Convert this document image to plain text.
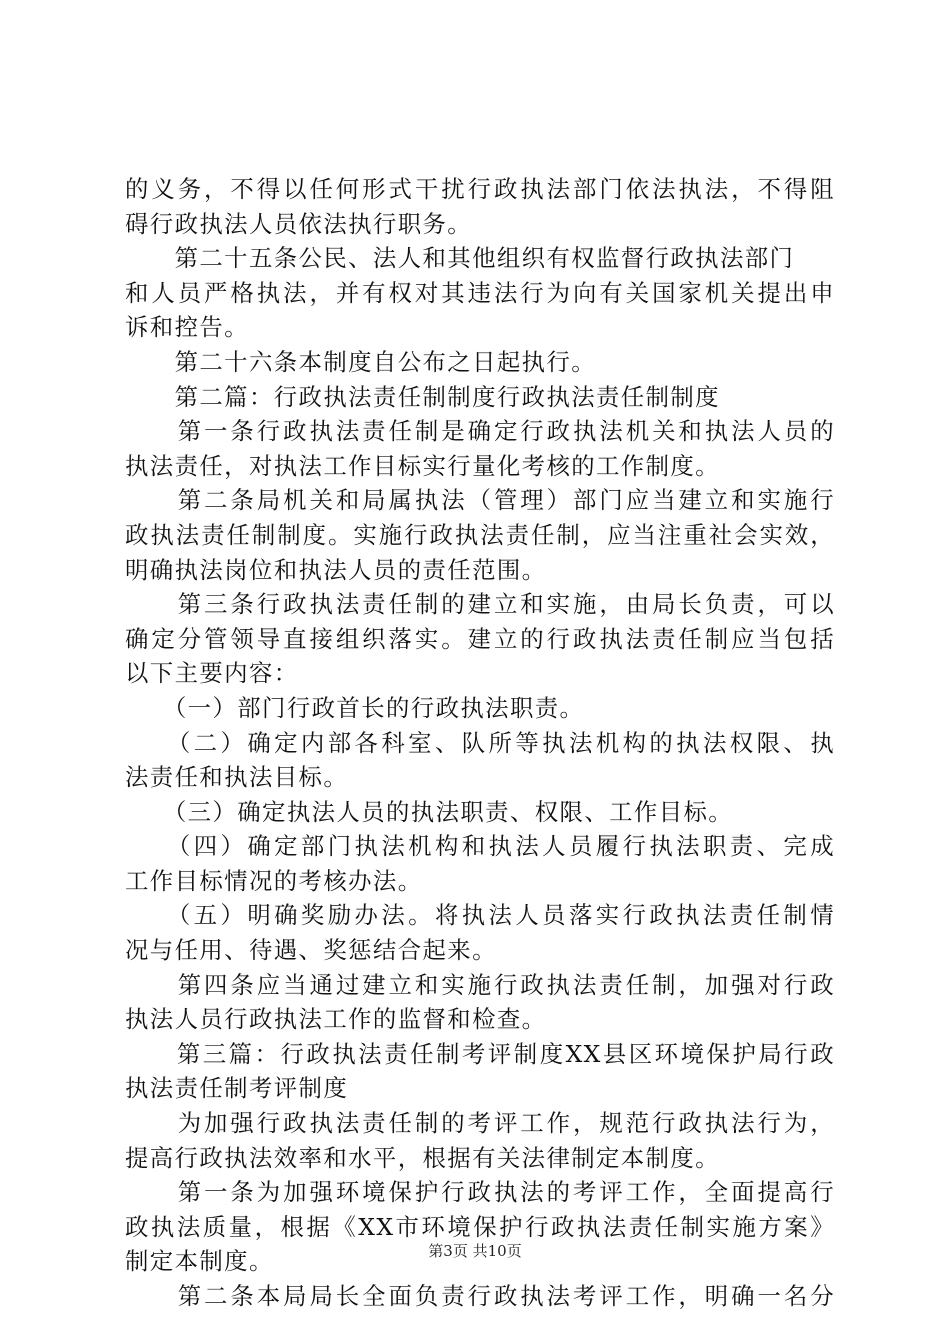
的义务，不得以任何形式干扰行政执法部门依法执法，不得阻
碍行政执法人员依法执行职务。
　　第二十五条公民、法人和其他组织有权监督行政执法部门
和人员严格执法，并有权对其违法行为向有关国家机关提出申
诉和控告。
　　第二十六条本制度自公布之日起执行。
　　第二篇：行政执法责任制制度行政执法责任制制度
　　第一条行政执法责任制是确定行政执法机关和执法人员的
执法责任，对执法工作目标实行量化考核的工作制度。
　　第二条局机关和局属执法（管理）部门应当建立和实施行
政执法责任制制度。实施行政执法责任制，应当注重社会实效，
明确执法岗位和执法人员的责任范围。
　　第三条行政执法责任制的建立和实施，由局长负责，可以
确定分管领导直接组织落实。建立的行政执法责任制应当包括
以下主要内容：
　　（一）部门行政首长的行政执法职责。
　　（二）确定内部各科室、队所等执法机构的执法权限、执
法责任和执法目标。
　　（三）确定执法人员的执法职责、权限、工作目标。
　　（四）确定部门执法机构和执法人员履行执法职责、完成
工作目标情况的考核办法。
　　（五）明确奖励办法。将执法人员落实行政执法责任制情
况与任用、待遇、奖惩结合起来。
　　第四条应当通过建立和实施行政执法责任制，加强对行政
执法人员行政执法工作的监督和检查。
　　第三篇：行政执法责任制考评制度XX县区环境保护局行政
执法责任制考评制度
　　为加强行政执法责任制的考评工作，规范行政执法行为，
提高行政执法效率和水平，根据有关法律制定本制度。
　　第一条为加强环境保护行政执法的考评工作，全面提高行
政执法质量，根据《XX市环境保护行政执法责任制实施方案》
制定本制度。
　　第二条本局局长全面负责行政执法考评工作，明确一名分
第3页 共10页
